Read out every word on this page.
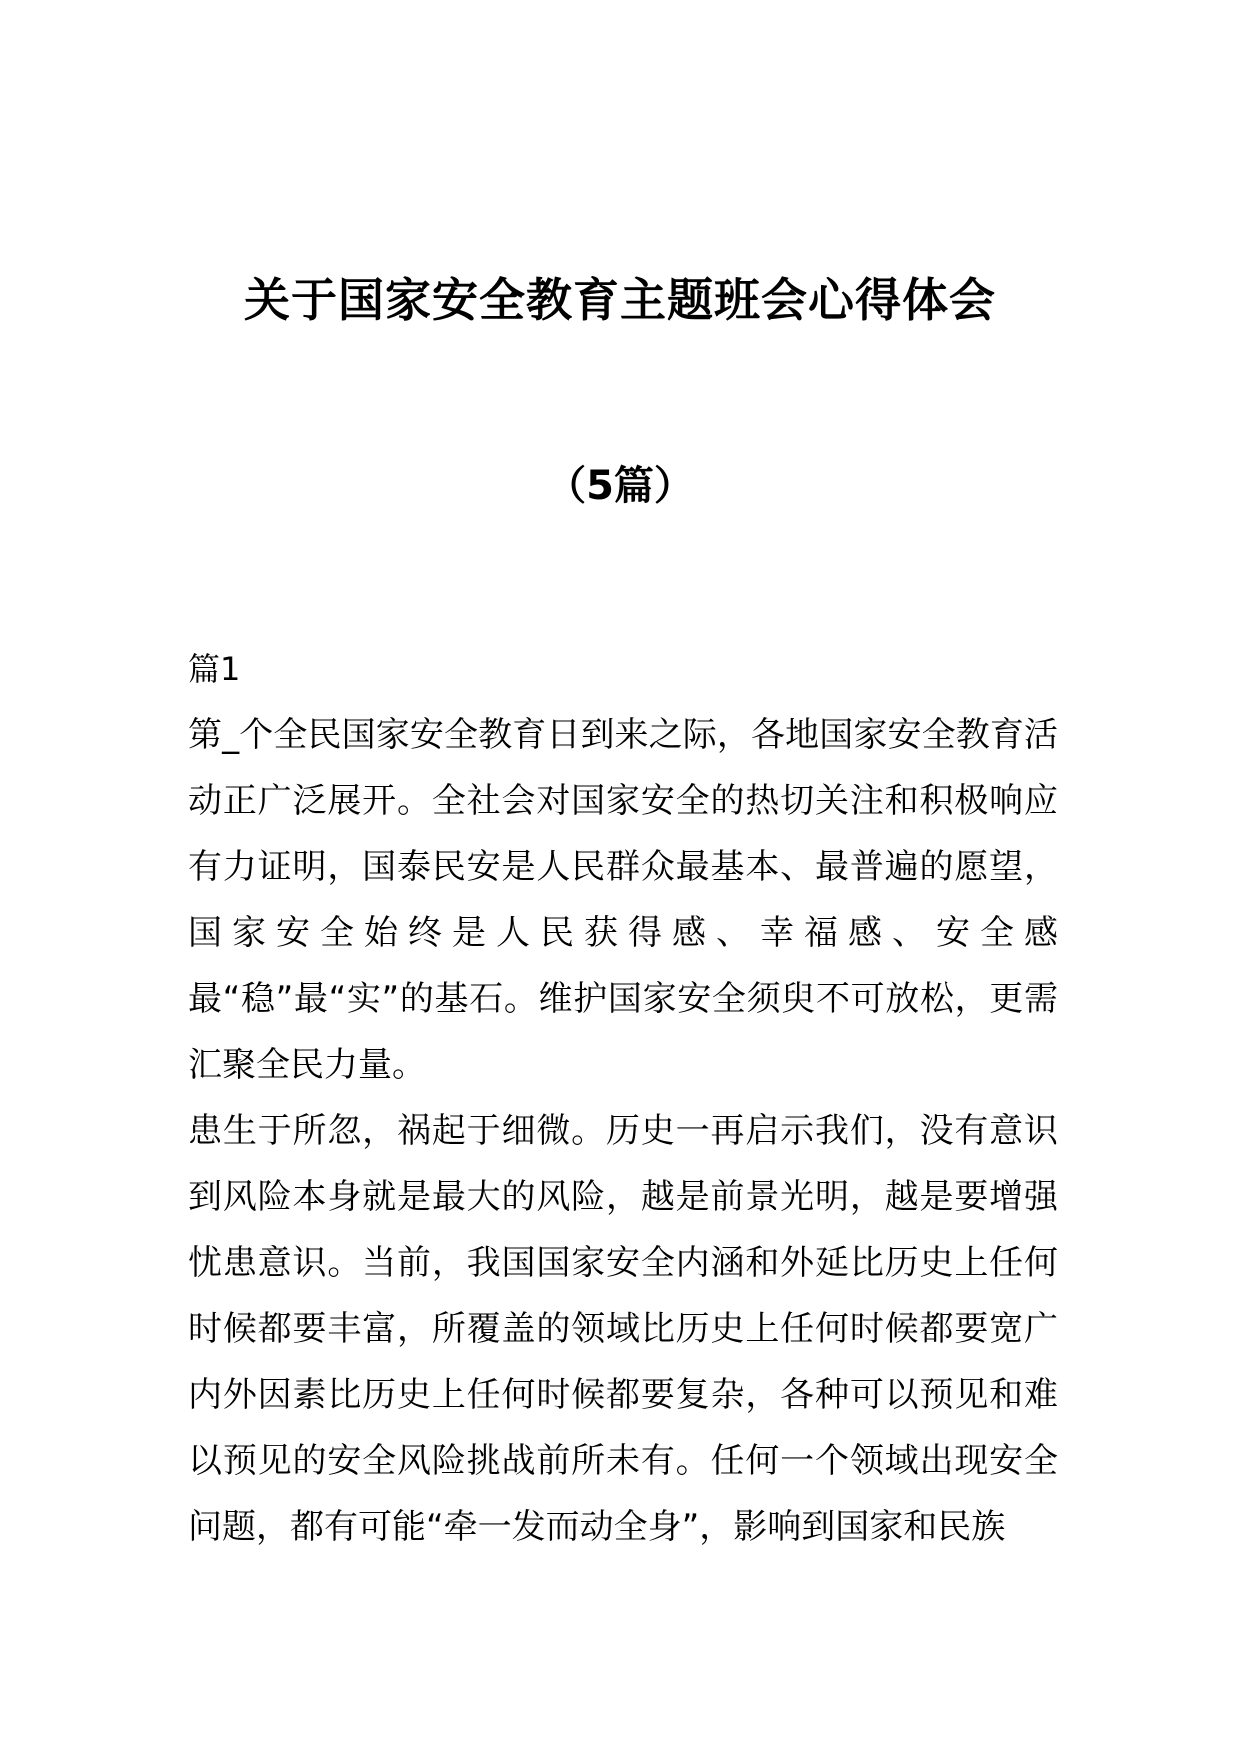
关于国家安全教育主题班会心得体会
（5篇）

篇1

第_个全民国家安全教育日到来之际，各地国家安全教育活动正广泛展开。全社会对国家安全的热切关注和积极响应有力证明，国泰民安是人民群众最基本、最普遍的愿望，国家安全始终是人民获得感、幸福感、安全感最“稳”最“实”的基石。维护国家安全须臾不可放松，更需汇聚全民力量。

患生于所忽，祸起于细微。历史一再启示我们，没有意识到风险本身就是最大的风险，越是前景光明，越是要增强忧患意识。当前，我国国家安全内涵和外延比历史上任何时候都要丰富，所覆盖的领域比历史上任何时候都要宽广内外因素比历史上任何时候都要复杂，各种可以预见和难以预见的安全风险挑战前所未有。任何一个领域出现安全问题，都有可能“牵一发而动全身”，影响到国家和民族
